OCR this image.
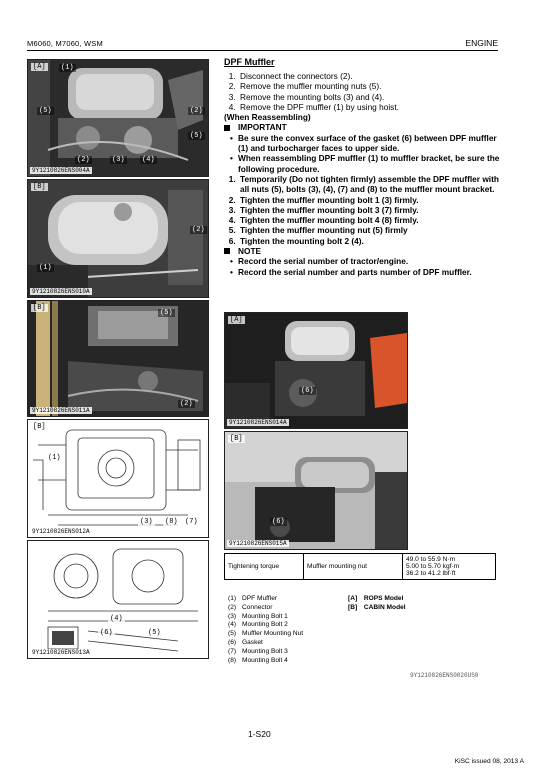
M6060, M7060, WSM	ENGINE
[A] (1)
(5)	(2)
(2)
(5)
(3) (4)
9Y1210826ENS004A
[B]
(2)
(1)
9Y1210826ENS010A
[B]
(5)
(2)
9Y1210826ENS011A
[B]
(1)
(3) (8) (7)
9Y1210826ENS012A
(4)
(6)	(5)
9Y1210826ENS013A
[A]
(6)
9Y1210826ENS014A
[B]
(6)
9Y1210826ENS015A
DPF Muffler
1. Disconnect the connectors (2).
2. Remove the muffler mounting nuts (5).
3. Remove the mounting bolts (3) and (4).
4. Remove the DPF muffler (1) by using hoist.
(When Reassembling)
IMPORTANT
• Be sure the convex surface of the gasket (6) between DPF muffler (1) and turbocharger faces to upper side.
• When reassembling DPF muffler (1) to muffler bracket, be sure the following procedure.
1. Temporarily (Do not tighten firmly) assemble the DPF muffler with all nuts (5), bolts (3), (4), (7) and (8) to the muffler mount bracket.
2. Tighten the muffler mounting bolt 1 (3) firmly.
3. Tighten the muffler mounting bolt 3 (7) firmly.
4. Tighten the muffler mounting bolt 4 (8) firmly.
5. Tighten the muffler mounting nut (5) firmly
6. Tighten the mounting bolt 2 (4).
NOTE
• Record the serial number of tractor/engine.
• Record the serial number and parts number of DPF muffler.
Tightening torque	Muffler mounting nut	
49.0 to 55.9 N·m
5.00 to 5.70 kgf·m
36.2 to 41.2 lbf·ft
(1) DPF Muffler
(2) Connector
(3) Mounting Bolt 1
(4) Mounting Bolt 2
(5) Muffler Mounting Nut
(6) Gasket
(7) Mounting Bolt 3
(8) Mounting Bolt 4
[A] ROPS Model
[B] CABIN Model
9Y1210826ENS0020US0
1-S20
KiSC issued 08, 2013 A
